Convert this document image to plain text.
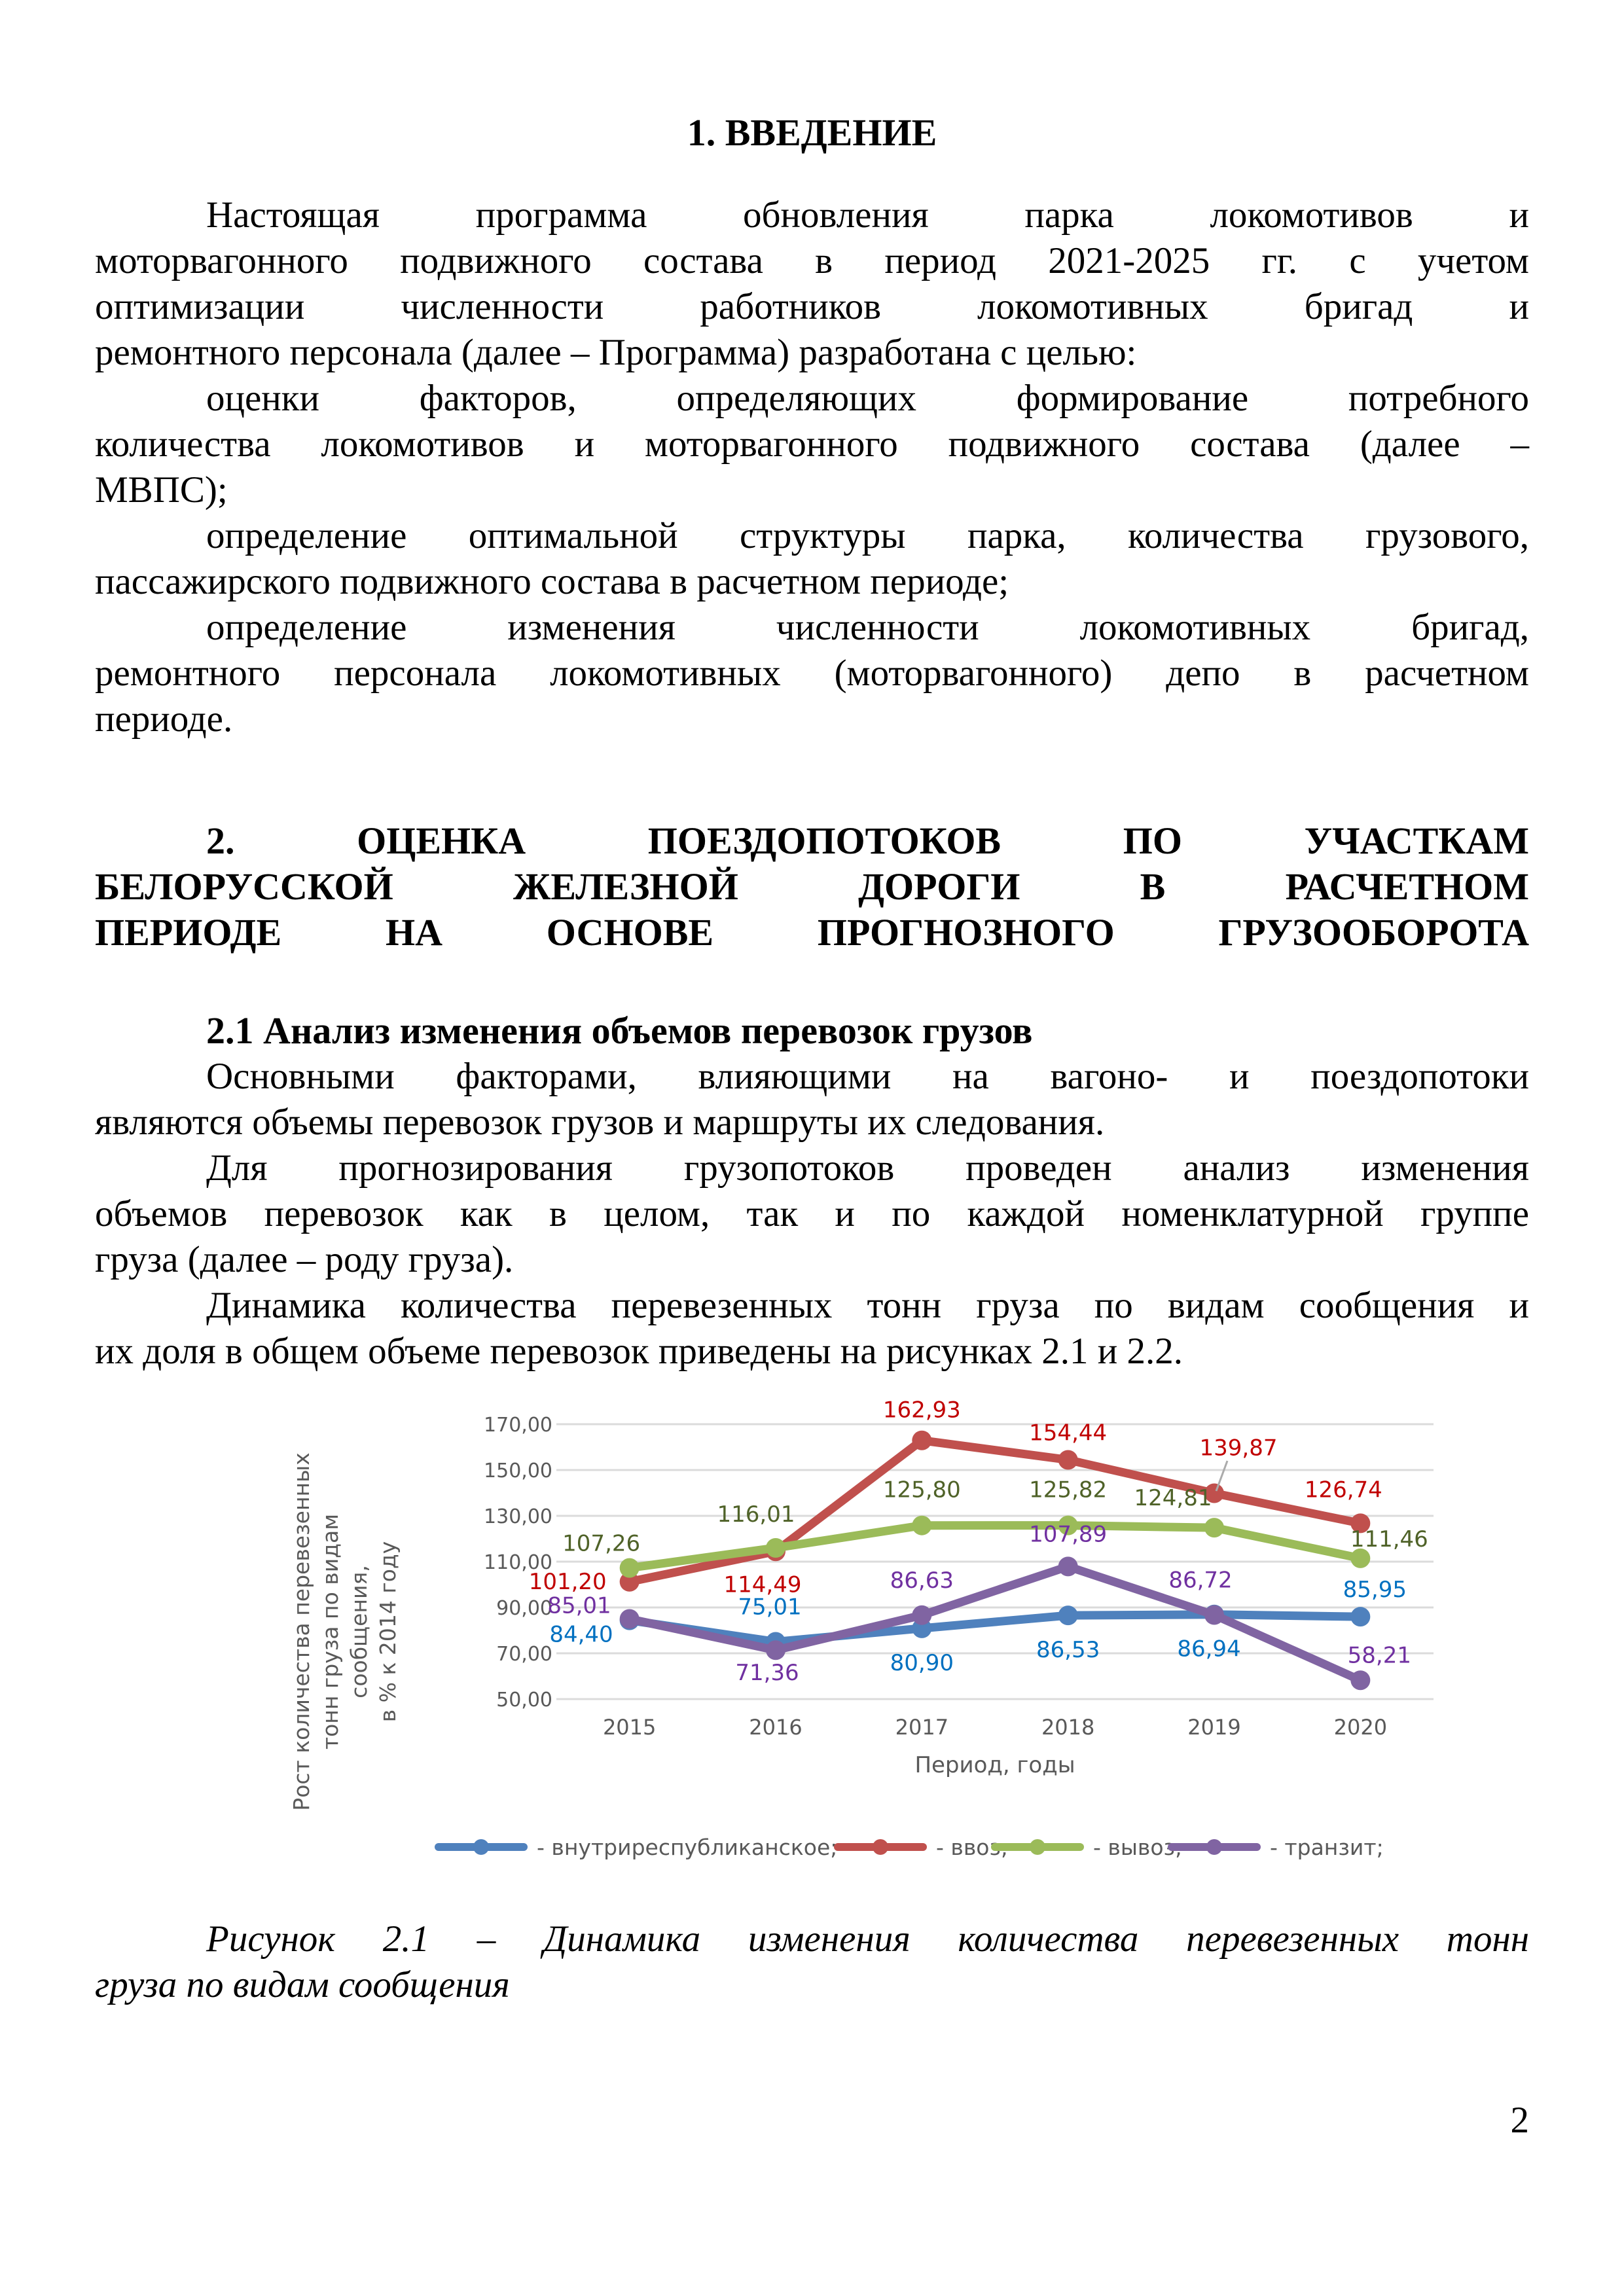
1. ВВЕДЕНИЕ

Настоящая программа обновления парка локомотивов и
моторвагонного подвижного состава в период 2021-2025 гг. с учетом
оптимизации численности работников локомотивных бригад и
ремонтного персонала (далее – Программа) разработана с целью:

оценки факторов, определяющих формирование потребного
количества локомотивов и моторвагонного подвижного состава (далее –
МВПС);

определение оптимальной структуры парка, количества грузового,
пассажирского подвижного состава в расчетном периоде;

определение изменения численности локомотивных бригад,
ремонтного персонала локомотивных (моторвагонного) депо в расчетном
периоде.

2. ОЦЕНКА ПОЕЗДОПОТОКОВ ПО УЧАСТКАМ
БЕЛОРУССКОЙ ЖЕЛЕЗНОЙ ДОРОГИ В РАСЧЕТНОМ
ПЕРИОДЕ НА ОСНОВЕ ПРОГНОЗНОГО ГРУЗООБОРОТА
2.1 Анализ изменения объемов перевозок грузов

Основными факторами, влияющими на вагоно- и поездопотоки
являются объемы перевозок грузов и маршруты их следования.

Для прогнозирования грузопотоков проведен анализ изменения
объемов перевозок как в целом, так и по каждой номенклатурной группе
груза (далее – роду груза).

Динамика количества перевезенных тонн груза по видам сообщения и
их доля в общем объеме перевозок приведены на рисунках 2.1 и 2.2.

170,00
150,00
130,00
110,00
90,00
70,00
50,00
2015	2016	2017	2018	2019	2020
Период, годы
Рост количества перевезенных тонн груза по видам сообщения, в % к 2014 году	84,40
75,01
80,90	86,53	86,94
85,95
101,20	114,49
162,93
154,44
139,87
126,74
107,26
116,01
125,80	125,82 124,81
111,46
85,01
71,36
86,63
107,89
86,72
58,21
- внутриреспубликанское;	- ввоз;	- вывоз;	- транзит;

Рисунок 2.1 – Динамика изменения количества перевезенных тонн
груза по видам сообщения

2
